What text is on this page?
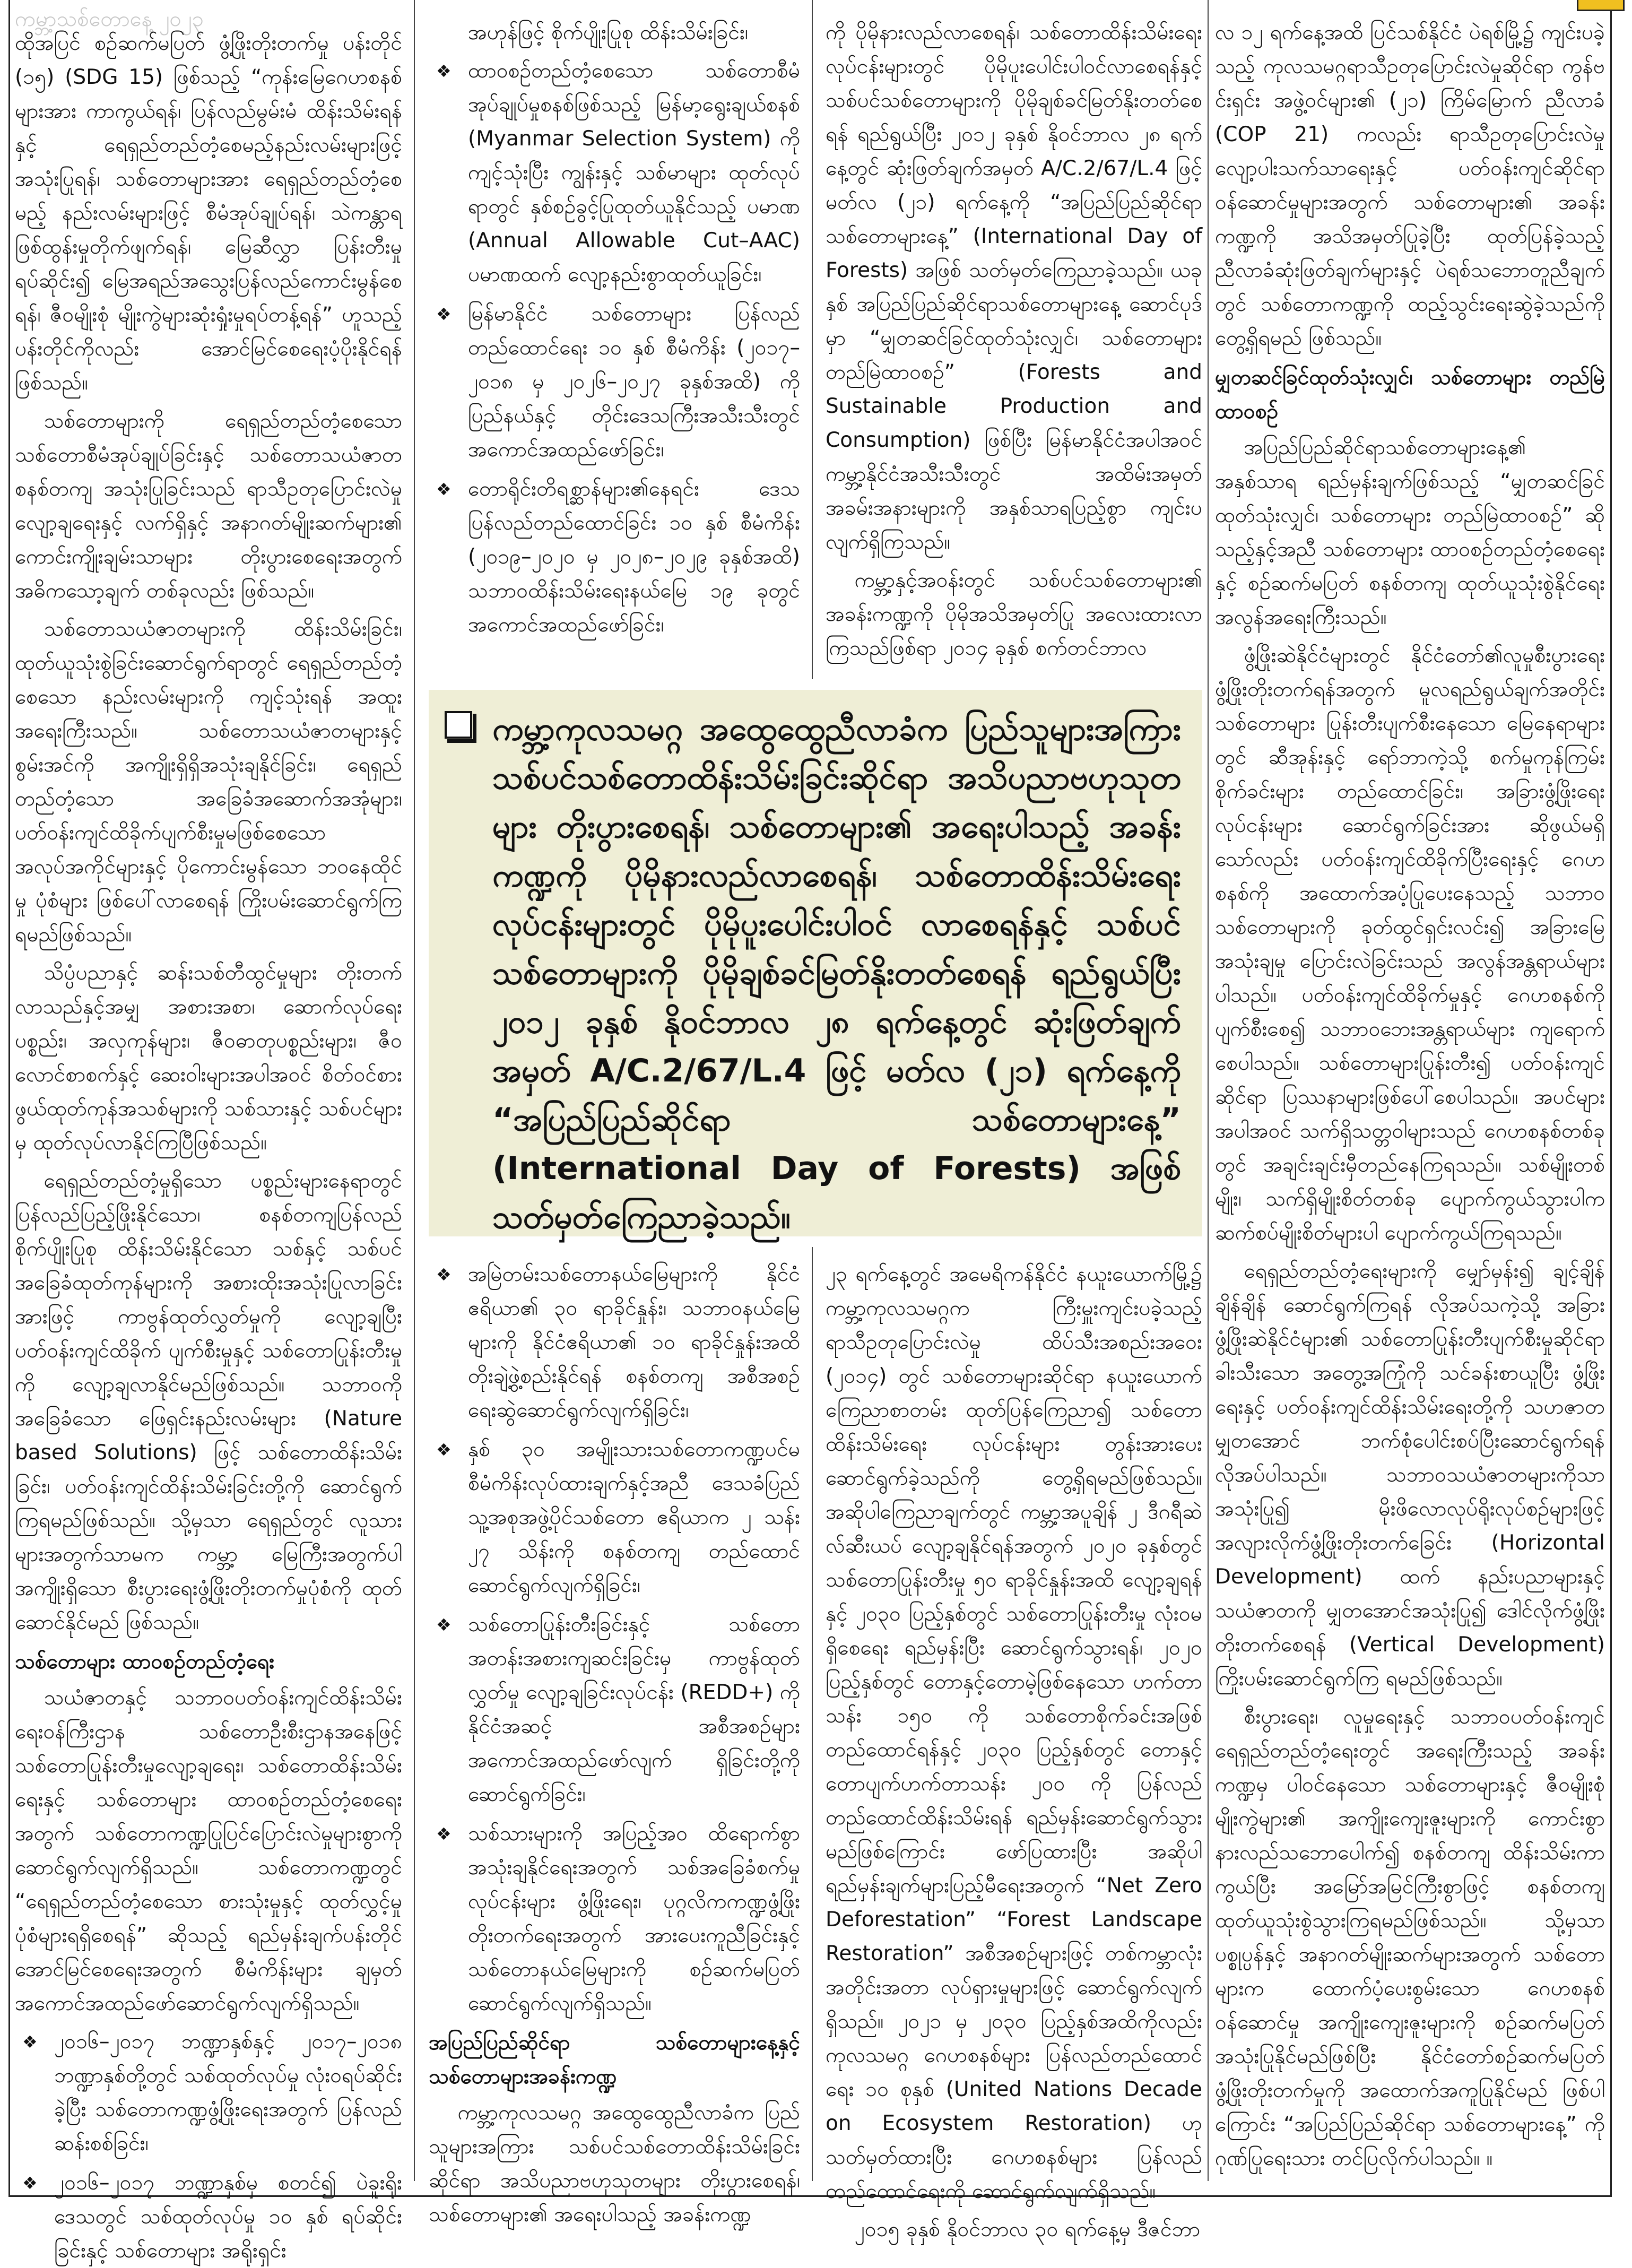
ကမ္ဘာ့သစ်တောနေ့ ၂၀၂၃

ထိုအပြင် စဉ်ဆက်မပြတ် ဖွံ့ဖြိုးတိုးတက်မှု ပန်းတိုင် (၁၅) (SDG 15) ဖြစ်သည့် “ကုန်းမြေဂေဟစနစ်များအား ကာကွယ်ရန်၊ ပြန်လည်မွမ်းမံ ထိန်းသိမ်းရန်နှင့် ရေရှည်တည်တံ့စေမည့်နည်းလမ်းများဖြင့် အသုံးပြုရန်၊ သစ်တောများအား ရေရှည်တည်တံ့စေမည့် နည်းလမ်းများဖြင့် စီမံအုပ်ချုပ်ရန်၊ သဲကန္တာရဖြစ်ထွန်းမှုတိုက်ဖျက်ရန်၊ မြေဆီလွှာ ပြန်းတီးမှုရပ်ဆိုင်း၍ မြေအရည်အသွေးပြန်လည်ကောင်းမွန်စေရန်၊ ဇီဝမျိုးစုံ မျိုးကွဲများဆုံးရှုံးမှုရပ်တန့်ရန်” ဟူသည့် ပန်းတိုင်ကိုလည်း အောင်မြင်စေရေးပံ့ပိုးနိုင်ရန် ဖြစ်သည်။

သစ်တောများကို ရေရှည်တည်တံ့စေသော သစ်တောစီမံအုပ်ချုပ်ခြင်းနှင့် သစ်တောသယံဇာတ စနစ်တကျ အသုံးပြုခြင်းသည် ရာသီဥတုပြောင်းလဲမှုလျော့ချရေးနှင့် လက်ရှိနှင့် အနာဂတ်မျိုးဆက်များ၏ ကောင်းကျိုးချမ်းသာများ တိုးပွားစေရေးအတွက် အဓိကသော့ချက် တစ်ခုလည်း ဖြစ်သည်။

သစ်တောသယံဇာတများကို ထိန်းသိမ်းခြင်း၊ ထုတ်ယူသုံးစွဲခြင်းဆောင်ရွက်ရာတွင် ရေရှည်တည်တံ့စေသော နည်းလမ်းများကို ကျင့်သုံးရန် အထူးအရေးကြီးသည်။ သစ်တောသယံဇာတများနှင့် စွမ်းအင်ကို အကျိုးရှိရှိအသုံးချနိုင်ခြင်း၊ ရေရှည်တည်တံ့သော အခြေခံအဆောက်အအုံများ၊ ပတ်ဝန်းကျင်ထိခိုက်ပျက်စီးမှုမဖြစ်စေသော အလုပ်အကိုင်များနှင့် ပိုကောင်းမွန်သော ဘဝနေထိုင်မှု ပုံစံများ ဖြစ်ပေါ်လာစေရန် ကြိုးပမ်းဆောင်ရွက်ကြရမည်ဖြစ်သည်။

သိပ္ပံပညာနှင့် ဆန်းသစ်တီထွင်မှုများ တိုးတက်လာသည်နှင့်အမျှ အစားအစာ၊ ဆောက်လုပ်ရေးပစ္စည်း၊ အလှကုန်များ၊ ဇီဝဓာတုပစ္စည်းများ၊ ဇီဝလောင်စာစက်နှင့် ဆေးဝါးများအပါအဝင် စိတ်ဝင်စားဖွယ်ထုတ်ကုန်အသစ်များကို သစ်သားနှင့် သစ်ပင်များမှ ထုတ်လုပ်လာနိုင်ကြပြီဖြစ်သည်။

ရေရှည်တည်တံ့မှုရှိသော ပစ္စည်းများနေရာတွင် ပြန်လည်ပြည့်ဖြိုးနိုင်သော၊ စနစ်တကျပြန်လည်စိုက်ပျိုးပြုစု ထိန်းသိမ်းနိုင်သော သစ်နှင့် သစ်ပင်အခြေခံထုတ်ကုန်များကို အစားထိုးအသုံးပြုလာခြင်းအားဖြင့် ကာဗွန်ထုတ်လွှတ်မှုကို လျော့ချပြီး ပတ်ဝန်းကျင်ထိခိုက် ပျက်စီးမှုနှင့် သစ်တောပြုန်းတီးမှုကို လျော့ချလာနိုင်မည်ဖြစ်သည်။ သဘာဝကို အခြေခံသော ဖြေရှင်းနည်းလမ်းများ (Nature based Solutions) ဖြင့် သစ်တောထိန်းသိမ်းခြင်း၊ ပတ်ဝန်းကျင်ထိန်းသိမ်းခြင်းတို့ကို ဆောင်ရွက်ကြရမည်ဖြစ်သည်။ သို့မှသာ ရေရှည်တွင် လူသားများအတွက်သာမက ကမ္ဘာ့ မြေကြီးအတွက်ပါ အကျိုးရှိသော စီးပွားရေးဖွံ့ဖြိုးတိုးတက်မှုပုံစံကို ထုတ်ဆောင်နိုင်မည် ဖြစ်သည်။

သစ်တောများ ထာဝစဉ်တည်တံ့ရေး

သယံဇာတနှင့် သဘာဝပတ်ဝန်းကျင်ထိန်းသိမ်းရေးဝန်ကြီးဌာန သစ်တောဦးစီးဌာနအနေဖြင့် သစ်တောပြုန်းတီးမှုလျော့ချရေး၊ သစ်တောထိန်းသိမ်းရေးနှင့် သစ်တောများ ထာဝစဉ်တည်တံ့စေရေး အတွက် သစ်တောကဏ္ဍပြုပြင်ပြောင်းလဲမှုများစွာကို ဆောင်ရွက်လျက်ရှိသည်။ သစ်တောကဏ္ဍတွင် “ရေရှည်တည်တံ့စေသော စားသုံးမှုနှင့် ထုတ်လွှင့်မှု ပုံစံများရရှိစေရန်” ဆိုသည့် ရည်မှန်းချက်ပန်းတိုင် အောင်မြင်စေရေးအတွက် စီမံကိန်းများ ချမှတ်အကောင်အထည်ဖော်ဆောင်ရွက်လျက်ရှိသည်။

❖ ၂၀၁၆–၂၀၁၇ ဘဏ္ဍာနှစ်နှင့် ၂၀၁၇–၂၀၁၈ ဘဏ္ဍာနှစ်တို့တွင် သစ်ထုတ်လုပ်မှု လုံးဝရပ်ဆိုင်းခဲ့ပြီး သစ်တောကဏ္ဍဖွံ့ဖြိုးရေးအတွက် ပြန်လည်ဆန်းစစ်ခြင်း၊
❖ ၂၀၁၆–၂၀၁၇ ဘဏ္ဍာနှစ်မှ စတင်၍ ပဲခူးရိုးဒေသတွင် သစ်ထုတ်လုပ်မှု ၁၀ နှစ် ရပ်ဆိုင်းခြင်းနှင့် သစ်တောများ အရိုးရှင်း

အဟုန်ဖြင့် စိုက်ပျိုးပြုစု ထိန်းသိမ်းခြင်း၊

❖ ထာဝစဉ်တည်တံ့စေသော သစ်တောစီမံအုပ်ချုပ်မှုစနစ်ဖြစ်သည့် မြန်မာ့ရွေးချယ်စနစ် (Myanmar Selection System) ကို ကျင့်သုံးပြီး ကျွန်းနှင့် သစ်မာများ ထုတ်လုပ်ရာတွင် နှစ်စဉ်ခွင့်ပြုထုတ်ယူနိုင်သည့် ပမာဏ (Annual Allowable Cut–AAC) ပမာဏထက် လျော့နည်းစွာထုတ်ယူခြင်း၊
❖ မြန်မာနိုင်ငံ သစ်တောများ ပြန်လည်တည်ထောင်ရေး ၁၀ နှစ် စီမံကိန်း (၂၀၁၇–၂၀၁၈ မှ ၂၀၂၆–၂၀၂၇ ခုနှစ်အထိ) ကို ပြည်နယ်နှင့် တိုင်းဒေသကြီးအသီးသီးတွင် အကောင်အထည်ဖော်ခြင်း၊
❖ တောရိုင်းတိရစ္ဆာန်များ၏နေရင်း ဒေသ ပြန်လည်တည်ထောင်ခြင်း ၁၀ နှစ် စီမံကိန်း (၂၀၁၉–၂၀၂၀ မှ ၂၀၂၈–၂၀၂၉ ခုနှစ်အထိ) သဘာဝထိန်းသိမ်းရေးနယ်မြေ ၁၉ ခုတွင် အကောင်အထည်ဖော်ခြင်း၊

ကို ပိုမိုနားလည်လာစေရန်၊ သစ်တောထိန်းသိမ်းရေး လုပ်ငန်းများတွင် ပိုမိုပူးပေါင်းပါဝင်လာစေရန်နှင့် သစ်ပင်သစ်တောများကို ပိုမိုချစ်ခင်မြတ်နိုးတတ်စေရန် ရည်ရွယ်ပြီး ၂၀၁၂ ခုနှစ် နိုဝင်ဘာလ ၂၈ ရက်နေ့တွင် ဆုံးဖြတ်ချက်အမှတ် A/C.2/67/L.4 ဖြင့် မတ်လ (၂၁) ရက်နေ့ကို “အပြည်ပြည်ဆိုင်ရာ သစ်တောများနေ့” (International Day of Forests) အဖြစ် သတ်မှတ်ကြေညာခဲ့သည်။ ယခုနှစ် အပြည်ပြည်ဆိုင်ရာသစ်တောများနေ့ ဆောင်ပုဒ်မှာ “မျှတဆင်ခြင်ထုတ်သုံးလျှင်၊ သစ်တောများ တည်မြဲထာဝစဉ်” (Forests and Sustainable Production and Consumption) ဖြစ်ပြီး မြန်မာနိုင်ငံအပါအဝင် ကမ္ဘာ့နိုင်ငံအသီးသီးတွင် အထိမ်းအမှတ် အခမ်းအနားများကို အနှစ်သာရပြည့်စွာ ကျင်းပလျက်ရှိကြသည်။

ကမ္ဘာ့နှင့်အဝန်းတွင် သစ်ပင်သစ်တောများ၏ အခန်းကဏ္ဍကို ပိုမိုအသိအမှတ်ပြု အလေးထားလာကြသည်ဖြစ်ရာ ၂၀၁၄ ခုနှစ် စက်တင်ဘာလ

ကမ္ဘာ့ကုလသမဂ္ဂ အထွေထွေညီလာခံက ပြည်သူများအကြား သစ်ပင်သစ်တောထိန်းသိမ်းခြင်းဆိုင်ရာ အသိပညာဗဟုသုတများ တိုးပွားစေရန်၊ သစ်တောများ၏ အရေးပါသည့် အခန်းကဏ္ဍကို ပိုမိုနားလည်လာစေရန်၊ သစ်တောထိန်းသိမ်းရေးလုပ်ငန်းများတွင် ပိုမိုပူးပေါင်းပါဝင် လာစေရန်နှင့် သစ်ပင်သစ်တောများကို ပိုမိုချစ်ခင်မြတ်နိုးတတ်စေရန် ရည်ရွယ်ပြီး ၂၀၁၂ ခုနှစ် နိုဝင်ဘာလ ၂၈ ရက်နေ့တွင် ဆုံးဖြတ်ချက်အမှတ် A/C.2/67/L.4 ဖြင့် မတ်လ (၂၁) ရက်နေ့ကို “အပြည်ပြည်ဆိုင်ရာ သစ်တောများနေ့” (International Day of Forests) အဖြစ် သတ်မှတ်ကြေညာခဲ့သည်။
❖ အမြဲတမ်းသစ်တောနယ်မြေများကို နိုင်ငံဧရိယာ၏ ၃၀ ရာခိုင်နှုန်း၊ သဘာဝနယ်မြေများကို နိုင်ငံဧရိယာ၏ ၁၀ ရာခိုင်နှုန်းအထိ တိုးချဲ့ဖွဲ့စည်းနိုင်ရန် စနစ်တကျ အစီအစဉ်ရေးဆွဲဆောင်ရွက်လျက်ရှိခြင်း၊
❖ နှစ် ၃၀ အမျိုးသားသစ်တောကဏ္ဍပင်မ စီမံကိန်းလုပ်ထားချက်နှင့်အညီ ဒေသခံပြည်သူ့အစုအဖွဲ့ပိုင်သစ်တော ဧရိယာက ၂ သန်း ၂၇ သိန်းကို စနစ်တကျ တည်ထောင်ဆောင်ရွက်လျက်ရှိခြင်း၊
❖ သစ်တောပြုန်းတီးခြင်းနှင့် သစ်တောအတန်းအစားကျဆင်းခြင်းမှ ကာဗွန်ထုတ်လွှတ်မှု လျော့ချခြင်းလုပ်ငန်း (REDD+) ကို နိုင်ငံအဆင့် အစီအစဉ်များ အကောင်အထည်ဖော်လျက် ရှိခြင်းတို့ကို ဆောင်ရွက်ခြင်း၊
❖ သစ်သားများကို အပြည့်အဝ ထိရောက်စွာအသုံးချနိုင်ရေးအတွက် သစ်အခြေခံစက်မှုလုပ်ငန်းများ ဖွံ့ဖြိုးရေး၊ ပုဂ္ဂလိကကဏ္ဍဖွံ့ဖြိုးတိုးတက်ရေးအတွက် အားပေးကူညီခြင်းနှင့် သစ်တောနယ်မြေများကို စဉ်ဆက်မပြတ် ဆောင်ရွက်လျက်ရှိသည်။
အပြည်ပြည်ဆိုင်ရာ သစ်တောများနေ့နှင့် သစ်တောများအခန်းကဏ္ဍ

ကမ္ဘာ့ကုလသမဂ္ဂ အထွေထွေညီလာခံက ပြည်သူများအကြား သစ်ပင်သစ်တောထိန်းသိမ်းခြင်းဆိုင်ရာ အသိပညာဗဟုသုတများ တိုးပွားစေရန်၊ သစ်တောများ၏ အရေးပါသည့် အခန်းကဏ္ဍ

၂၃ ရက်နေ့တွင် အမေရိကန်နိုင်ငံ နယူးယောက်မြို့၌ ကမ္ဘာ့ကုလသမဂ္ဂက ကြီးမှူးကျင်းပခဲ့သည့် ရာသီဥတုပြောင်းလဲမှု ထိပ်သီးအစည်းအဝေး (၂၀၁၄) တွင် သစ်တောများဆိုင်ရာ နယူးယောက်ကြေညာစာတမ်း ထုတ်ပြန်ကြေညာ၍ သစ်တောထိန်းသိမ်းရေး လုပ်ငန်းများ တွန်းအားပေး ဆောင်ရွက်ခဲ့သည်ကို တွေ့ရှိရမည်ဖြစ်သည်။ အဆိုပါကြေညာချက်တွင် ကမ္ဘာ့အပူချိန် ၂ ဒီဂရီဆဲလ်ဆီးယပ် လျော့ချနိုင်ရန်အတွက် ၂၀၂၀ ခုနှစ်တွင် သစ်တောပြုန်းတီးမှု ၅၀ ရာခိုင်နှုန်းအထိ လျော့ချရန်နှင့် ၂၀၃၀ ပြည့်နှစ်တွင် သစ်တောပြုန်းတီးမှု လုံးဝမရှိစေရေး ရည်မှန်းပြီး ဆောင်ရွက်သွားရန်၊ ၂၀၂၀ ပြည့်နှစ်တွင် တောနှင့်တောမဲ့ဖြစ်နေသော ဟက်တာသန်း ၁၅၀ ကို သစ်တောစိုက်ခင်းအဖြစ် တည်ထောင်ရန်နှင့် ၂၀၃၀ ပြည့်နှစ်တွင် တောနှင့်တောပျက်ဟက်တာသန်း ၂၀၀ ကို ပြန်လည်တည်ထောင်ထိန်းသိမ်းရန် ရည်မှန်းဆောင်ရွက်သွားမည်ဖြစ်ကြောင်း ဖော်ပြထားပြီး အဆိုပါရည်မှန်းချက်များပြည့်မီရေးအတွက် “Net Zero Deforestation” “Forest Landscape Restoration” အစီအစဉ်များဖြင့် တစ်ကမ္ဘာလုံးအတိုင်းအတာ လုပ်ရှားမှုများဖြင့် ဆောင်ရွက်လျက်ရှိသည်။ ၂၀၂၁ မှ ၂၀၃၀ ပြည့်နှစ်အထိကိုလည်း ကုလသမဂ္ဂ ဂေဟစနစ်များ ပြန်လည်တည်ထောင်ရေး ၁၀ စုနှစ် (United Nations Decade on Ecosystem Restoration) ဟု သတ်မှတ်ထားပြီး ဂေဟစနစ်များ ပြန်လည်တည်ထောင်ရေးကို ဆောင်ရွက်လျက်ရှိသည်။

၂၀၁၅ ခုနှစ် နိုဝင်ဘာလ ၃၀ ရက်နေ့မှ ဒီဇင်ဘာ

လ ၁၂ ရက်နေ့အထိ ပြင်သစ်နိုင်ငံ ပဲရစ်မြို့၌ ကျင်းပခဲ့သည့် ကုလသမဂ္ဂရာသီဥတုပြောင်းလဲမှုဆိုင်ရာ ကွန်ဗင်းရှင်း အဖွဲ့ဝင်များ၏ (၂၁) ကြိမ်မြောက် ညီလာခံ (COP 21) ကလည်း ရာသီဥတုပြောင်းလဲမှု လျော့ပါးသက်သာရေးနှင့် ပတ်ဝန်းကျင်ဆိုင်ရာ ဝန်ဆောင်မှုများအတွက် သစ်တောများ၏ အခန်းကဏ္ဍကို အသိအမှတ်ပြုခဲ့ပြီး ထုတ်ပြန်ခဲ့သည့် ညီလာခံဆုံးဖြတ်ချက်များနှင့် ပဲရစ်သဘောတူညီချက်တွင် သစ်တောကဏ္ဍကို ထည့်သွင်းရေးဆွဲခဲ့သည်ကို တွေ့ရှိရမည် ဖြစ်သည်။

မျှတဆင်ခြင်ထုတ်သုံးလျှင်၊ သစ်တောများ တည်မြဲ ထာဝစဉ်

အပြည်ပြည်ဆိုင်ရာသစ်တောများနေ့၏ အနှစ်သာရ ရည်မှန်းချက်ဖြစ်သည့် “မျှတဆင်ခြင်ထုတ်သုံးလျှင်၊ သစ်တောများ တည်မြဲထာဝစဉ်” ဆိုသည့်နှင့်အညီ သစ်တောများ ထာဝစဉ်တည်တံ့စေရေးနှင့် စဉ်ဆက်မပြတ် စနစ်တကျ ထုတ်ယူသုံးစွဲနိုင်ရေး အလွန်အရေးကြီးသည်။

ဖွံ့ဖြိုးဆဲနိုင်ငံများတွင် နိုင်ငံတော်၏လူမှုစီးပွားရေးဖွံ့ဖြိုးတိုးတက်ရန်အတွက် မူလရည်ရွယ်ချက်အတိုင်း သစ်တောများ ပြုန်းတီးပျက်စီးနေသော မြေနေရာများတွင် ဆီအုန်းနှင့် ရော်ဘာကဲ့သို့ စက်မှုကုန်ကြမ်းစိုက်ခင်းများ တည်ထောင်ခြင်း၊ အခြားဖွံ့ဖြိုးရေးလုပ်ငန်းများ ဆောင်ရွက်ခြင်းအား ဆိုဖွယ်မရှိသော်လည်း ပတ်ဝန်းကျင်ထိခိုက်ပြီးရေးနှင့် ဂေဟစနစ်ကို အထောက်အပံ့ပြုပေးနေသည့် သဘာဝသစ်တောများကို ခုတ်ထွင်ရှင်းလင်း၍ အခြားမြေအသုံးချမှု ပြောင်းလဲခြင်းသည် အလွန်အန္တရာယ်များပါသည်။ ပတ်ဝန်းကျင်ထိခိုက်မှုနှင့် ဂေဟစနစ်ကို ပျက်စီးစေ၍ သဘာဝဘေးအန္တရာယ်များ ကျရောက်စေပါသည်။ သစ်တောများပြုန်းတီး၍ ပတ်ဝန်းကျင်ဆိုင်ရာ ပြဿနာများဖြစ်ပေါ်စေပါသည်။ အပင်များအပါအဝင် သက်ရှိသတ္တဝါများသည် ဂေဟစနစ်တစ်ခုတွင် အချင်းချင်းမှီတည်နေကြရသည်။ သစ်မျိုးတစ်မျိုး၊ သက်ရှိမျိုးစိတ်တစ်ခု ပျောက်ကွယ်သွားပါက ဆက်စပ်မျိုးစိတ်များပါ ပျောက်ကွယ်ကြရသည်။

ရေရှည်တည်တံ့ရေးများကို မျှော်မှန်း၍ ချင့်ချိန်ချိန်ချိန် ဆောင်ရွက်ကြရန် လိုအပ်သကဲ့သို့ အခြားဖွံ့ဖြိုးဆဲနိုင်ငံများ၏ သစ်တောပြုန်းတီးပျက်စီးမှုဆိုင်ရာ ခါးသီးသော အတွေ့အကြုံကို သင်ခန်းစာယူပြီး ဖွံ့ဖြိုးရေးနှင့် ပတ်ဝန်းကျင်ထိန်းသိမ်းရေးတို့ကို သဟဇာတမျှတအောင် ဘက်စုံပေါင်းစပ်ပြီးဆောင်ရွက်ရန် လိုအပ်ပါသည်။ သဘာဝသယံဇာတများကိုသာ အသုံးပြု၍ မိုးဖိလောလုပ်ရိုးလုပ်စဉ်များဖြင့် အလျားလိုက်ဖွံ့ဖြိုးတိုးတက်ခြေင်း (Horizontal Development) ထက် နည်းပညာများနှင့် သယံဇာတကို မျှတအောင်အသုံးပြု၍ ဒေါင်လိုက်ဖွံ့ဖြိုးတိုးတက်စေရန် (Vertical Development) ကြိုးပမ်းဆောင်ရွက်ကြ ရမည်ဖြစ်သည်။

စီးပွားရေး၊ လူမှုရေးနှင့် သဘာဝပတ်ဝန်းကျင် ရေရှည်တည်တံ့ရေးတွင် အရေးကြီးသည့် အခန်းကဏ္ဍမှ ပါဝင်နေသော သစ်တောများနှင့် ဇီဝမျိုးစုံမျိုးကွဲများ၏ အကျိုးကျေးဇူးများကို ကောင်းစွာနားလည်သဘောပေါက်၍ စနစ်တကျ ထိန်းသိမ်းကာကွယ်ပြီး အမြော်အမြင်ကြီးစွာဖြင့် စနစ်တကျ ထုတ်ယူသုံးစွဲသွားကြရမည်ဖြစ်သည်။ သို့မှသာ ပစ္စုပ္ပန်နှင့် အနာဂတ်မျိုးဆက်များအတွက် သစ်တောများက ထောက်ပံ့ပေးစွမ်းသော ဂေဟစနစ်ဝန်ဆောင်မှု အကျိုးကျေးဇူးများကို စဉ်ဆက်မပြတ် အသုံးပြုနိုင်မည်ဖြစ်ပြီး နိုင်ငံတော်စဉ်ဆက်မပြတ် ဖွံ့ဖြိုးတိုးတက်မှုကို အထောက်အကူပြုနိုင်မည် ဖြစ်ပါကြောင်း “အပြည်ပြည်ဆိုင်ရာ သစ်တောများနေ့” ကို ဂုဏ်ပြုရေးသား တင်ပြလိုက်ပါသည်။ ။
